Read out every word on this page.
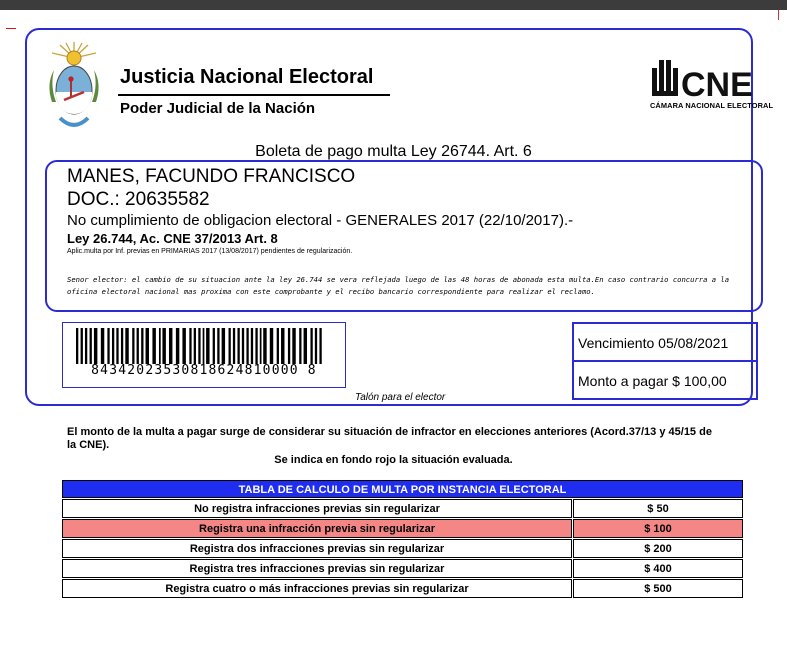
Justicia Nacional Electoral
Poder Judicial de la Nación
CNE
CÁMARA NACIONAL ELECTORAL
Boleta de pago multa Ley 26744. Art. 6
MANES, FACUNDO FRANCISCO
DOC.: 20635582
No cumplimiento de obligacion electoral - GENERALES 2017 (22/10/2017).-
Ley 26.744, Ac. CNE 37/2013 Art. 8
Aplic.multa por Inf. previas en PRIMARIAS 2017 (13/08/2017) pendientes de regularización.
Senor elector: el cambio de su situacion ante la ley 26.744 se vera reflejada luego de las 48 horas de abonada esta multa.En caso contrario concurra a la oficina electoral nacional mas proxima con este comprobante y el recibo bancario correspondiente para realizar el reclamo.
84342023530818624810000 8
Talón para el elector
Vencimiento 05/08/2021
Monto a pagar $ 100,00
El monto de la multa a pagar surge de considerar su situación de infractor en elecciones anteriores (Acord.37/13 y 45/15 de la CNE).
Se indica en fondo rojo la situación evaluada.
TABLA DE CALCULO DE MULTA POR INSTANCIA ELECTORAL
No registra infracciones previas sin regularizar	$ 50
Registra una infracción previa sin regularizar	$ 100
Registra dos infracciones previas sin regularizar	$ 200
Registra tres infracciones previas sin regularizar	$ 400
Registra cuatro o más infracciones previas sin regularizar	$ 500
